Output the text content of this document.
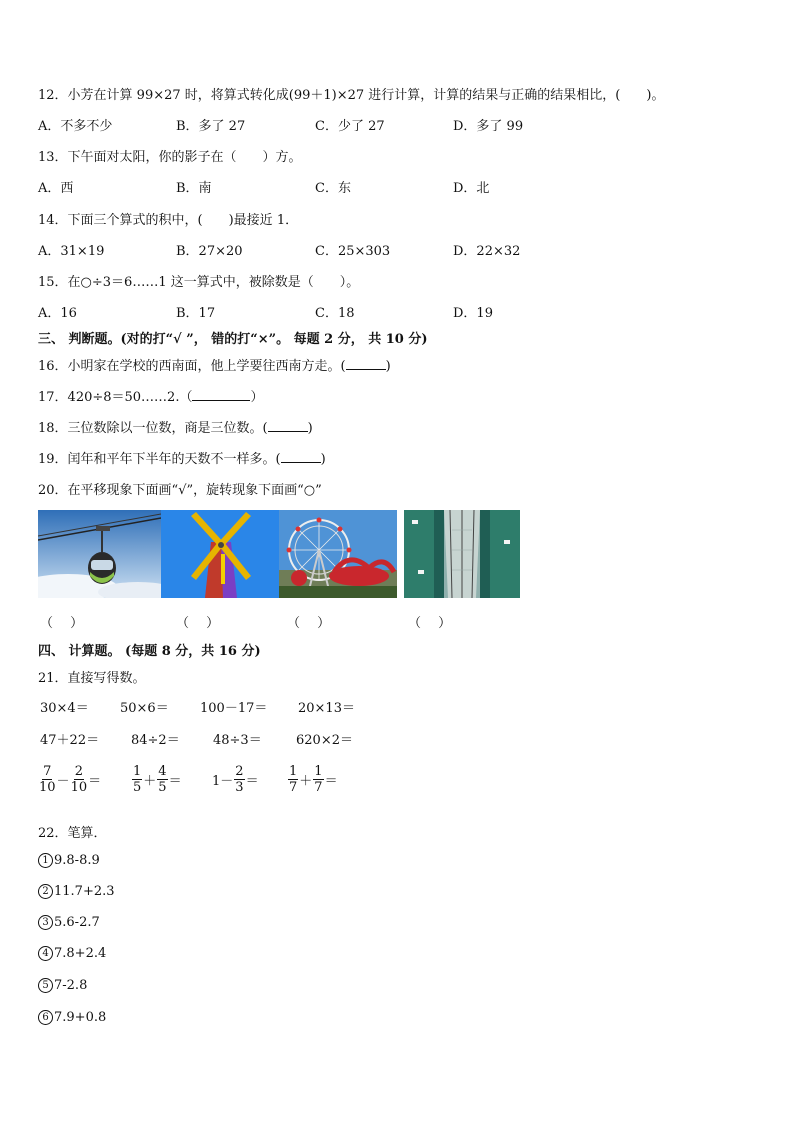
12．小芳在计算 99×27 时，将算式转化成(99＋1)×27 进行计算，计算的结果与正确的结果相比，(　　)。
A．不多不少	B．多了 27	C．少了 27	D．多了 99
13．下午面对太阳，你的影子在（　　）方。
A．西	B．南	C．东	D．北
14．下面三个算式的积中，(　　)最接近 1．
A．31×19	B．27×20	C．25×303	D．22×32
15．在○÷3＝6……1 这一算式中，被除数是（　　）。
A．16	B．17	C．18	D．19
三、 判断题。(对的打“√ ”， 错的打“×”。 每题 2 分， 共 10 分)
16．小明家在学校的西南面，他上学要往西南方走。(	)
17．420÷8＝50……2.（	）
18．三位数除以一位数，商是三位数。(	)
19．闰年和平年下半年的天数不一样多。(	)
20．在平移现象下面画“√”，旋转现象下面画“○”
（　 ）	（　 ）	（　 ）	（　 ）
四、 计算题。 (每题 8 分，共 16 分)
21．直接写得数。
30×4＝ 50×6＝ 100－17＝ 20×13＝
47＋22＝ 84÷2＝	48÷3＝	620×2＝
$\frac{7}{10} - \frac{2}{10} = \frac{1}{5} + \frac{4}{5} = 1- \frac{2}{3} = \frac{1}{7} + \frac{1}{7}$ ＝
22．笔算．
1 9.8-8.9
2 11.7+2.3
3 5.6-2.7
4 7.8+2.4
5 7-2.8
6 7.9+0.8
